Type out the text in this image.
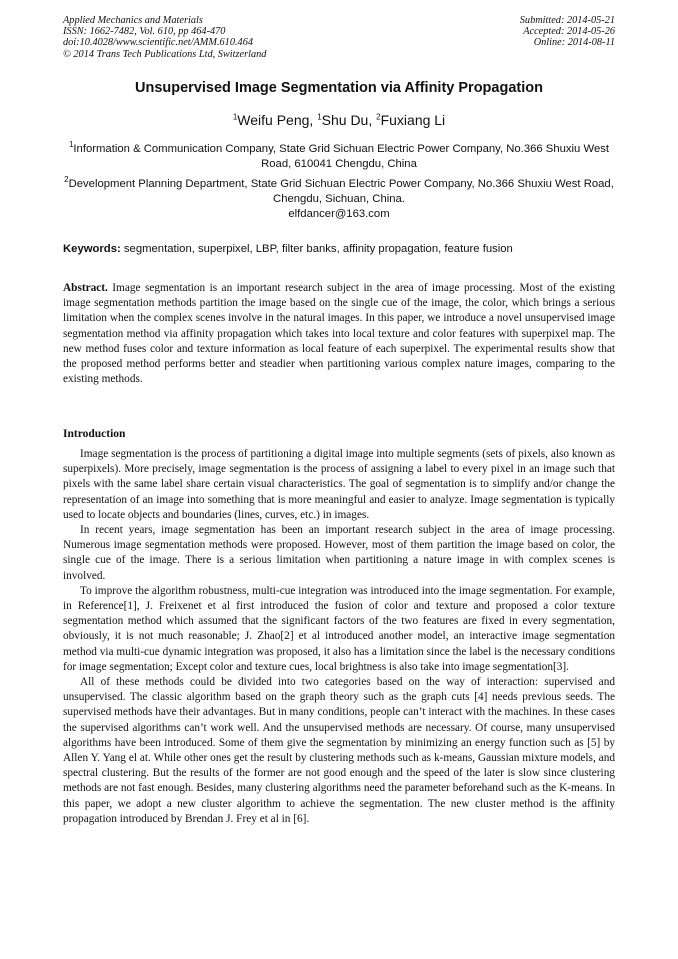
Applied Mechanics and Materials
ISSN: 1662-7482, Vol. 610, pp 464-470
doi:10.4028/www.scientific.net/AMM.610.464
© 2014 Trans Tech Publications Ltd, Switzerland
Submitted: 2014-05-21
Accepted: 2014-05-26
Online: 2014-08-11
Unsupervised Image Segmentation via Affinity Propagation
$^1$Weifu Peng, $^1$Shu Du, $^2$Fuxiang Li
$^1$Information & Communication Company, State Grid Sichuan Electric Power Company, No.366 Shuxiu West Road, 610041 Chengdu, China
$^2$Development Planning Department, State Grid Sichuan Electric Power Company, No.366 Shuxiu West Road, Chengdu, Sichuan, China.
elfdancer@163.com
Keywords: segmentation, superpixel, LBP, filter banks, affinity propagation, feature fusion
Abstract. Image segmentation is an important research subject in the area of image processing. Most of the existing image segmentation methods partition the image based on the single cue of the image, the color, which brings a serious limitation when the complex scenes involve in the natural images. In this paper, we introduce a novel unsupervised image segmentation method via affinity propagation which takes into local texture and color features with superpixel map. The new method fuses color and texture information as local feature of each superpixel. The experimental results show that the proposed method performs better and steadier when partitioning various complex nature images, comparing to the existing methods.
Introduction

Image segmentation is the process of partitioning a digital image into multiple segments (sets of pixels, also known as superpixels). More precisely, image segmentation is the process of assigning a label to every pixel in an image such that pixels with the same label share certain visual characteristics. The goal of segmentation is to simplify and/or change the representation of an image into something that is more meaningful and easier to analyze. Image segmentation is typically used to locate objects and boundaries (lines, curves, etc.) in images.

In recent years, image segmentation has been an important research subject in the area of image processing. Numerous image segmentation methods were proposed. However, most of them partition the image based on color, the single cue of the image. There is a serious limitation when partitioning a nature image in with complex scenes is involved.

To improve the algorithm robustness, multi-cue integration was introduced into the image segmentation. For example, in Reference[1], J. Freixenet et al first introduced the fusion of color and texture and proposed a color texture segmentation method which assumed that the significant factors of the two features are fixed in every segmentation, obviously, it is not much reasonable; J. Zhao[2] et al introduced another model, an interactive image segmentation method via multi-cue dynamic integration was proposed, it also has a limitation since the label is the necessary conditions for image segmentation; Except color and texture cues, local brightness is also take into image segmentation[3].

All of these methods could be divided into two categories based on the way of interaction: supervised and unsupervised. The classic algorithm based on the graph theory such as the graph cuts [4] needs previous seeds. The supervised methods have their advantages. But in many conditions, people can’t interact with the machines. In these cases the supervised algorithms can’t work well. And the unsupervised methods are necessary. Of course, many unsupervised algorithms have been introduced. Some of them give the segmentation by minimizing an energy function such as [5] by Allen Y. Yang el at. While other ones get the result by clustering methods such as k-means, Gaussian mixture models, and spectral clustering. But the results of the former are not good enough and the speed of the later is slow since clustering methods are not fast enough. Besides, many clustering algorithms need the parameter beforehand such as the K-means. In this paper, we adopt a new cluster algorithm to achieve the segmentation. The new cluster method is the affinity propagation introduced by Brendan J. Frey et al in [6].
